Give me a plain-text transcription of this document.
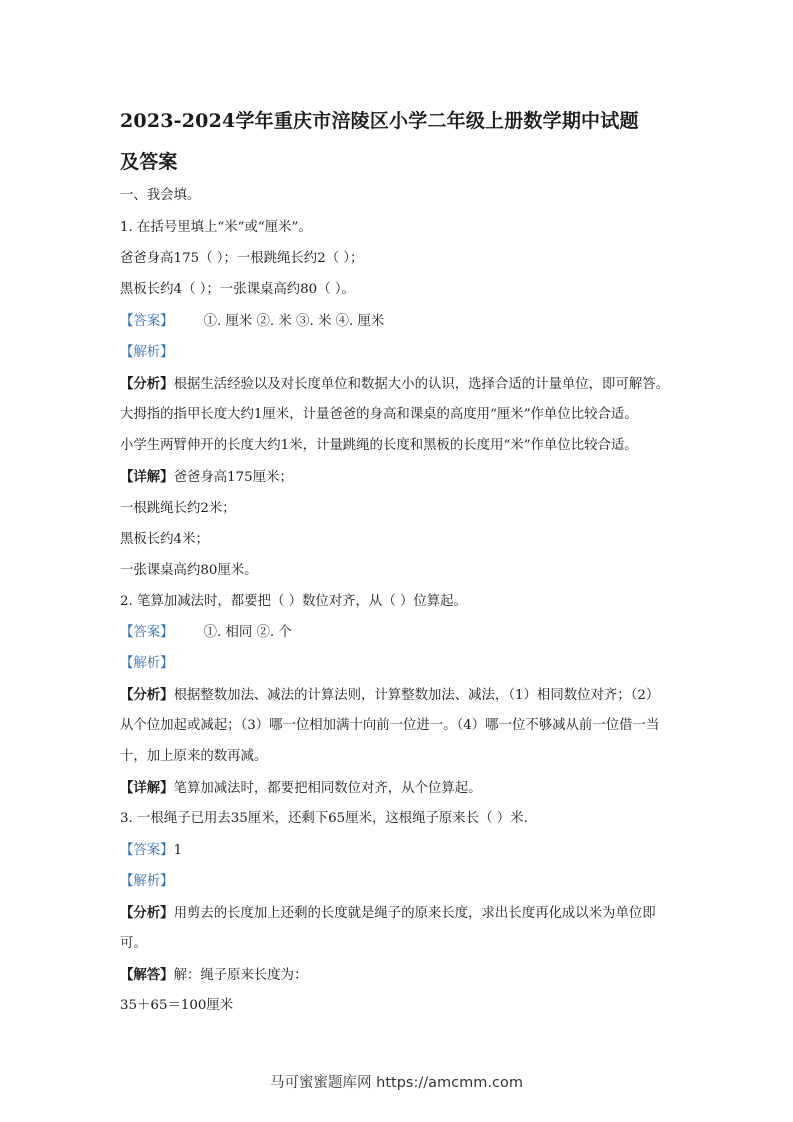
2023-2024学年重庆市涪陵区小学二年级上册数学期中试题
及答案
一、我会填。
1. 在括号里填上“米”或“厘米”。
爸爸身高175（ ）；一根跳绳长约2（ ）；
黑板长约4（ ）；一张课桌高约80（ ）。
【答案】 ①. 厘米 ②. 米 ③. 米 ④. 厘米
【解析】
【分析】根据生活经验以及对长度单位和数据大小的认识，选择合适的计量单位，即可解答。
大拇指的指甲长度大约1厘米，计量爸爸的身高和课桌的高度用“厘米”作单位比较合适。
小学生两臂伸开的长度大约1米，计量跳绳的长度和黑板的长度用“米”作单位比较合适。
【详解】爸爸身高175厘米；
一根跳绳长约2米；
黑板长约4米；
一张课桌高约80厘米。
2. 笔算加减法时，都要把（ ）数位对齐，从（ ）位算起。
【答案】 ①. 相同 ②. 个
【解析】
【分析】根据整数加法、减法的计算法则，计算整数加法、减法，（1）相同数位对齐；（2）
从个位加起或减起；（3）哪一位相加满十向前一位进一。（4）哪一位不够减从前一位借一当
十，加上原来的数再减。
【详解】笔算加减法时，都要把相同数位对齐，从个位算起。
3. 一根绳子已用去35厘米，还剩下65厘米，这根绳子原来长（ ）米.
【答案】1
【解析】
【分析】用剪去的长度加上还剩的长度就是绳子的原来长度，求出长度再化成以米为单位即
可。
【解答】解：绳子原来长度为：
35＋65＝100厘米
马可蜜蜜题库网 https://amcmm.com
